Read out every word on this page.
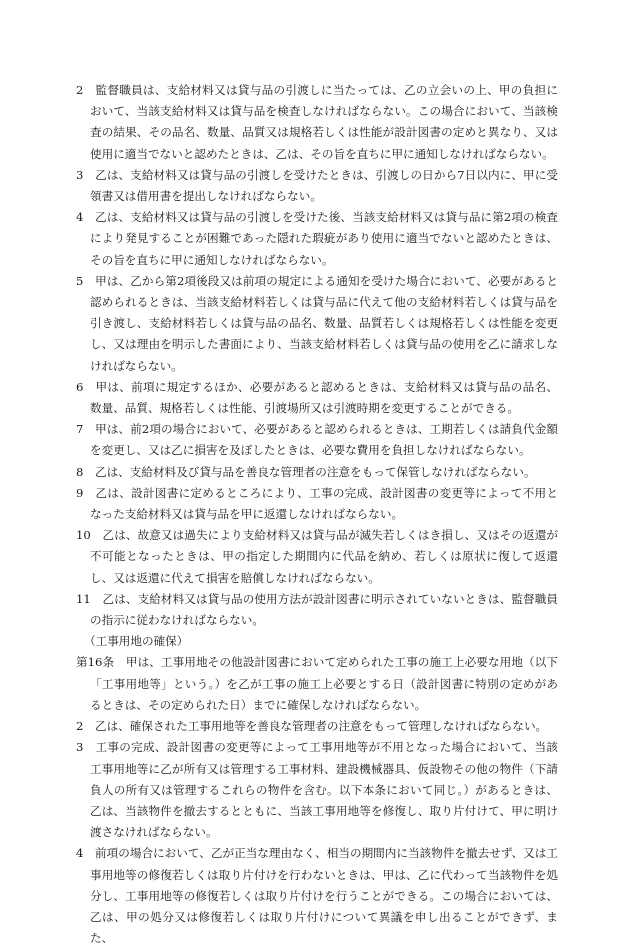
2　監督職員は、支給材料又は貸与品の引渡しに当たっては、乙の立会いの上、甲の負担において、当該支給材料又は貸与品を検査しなければならない。この場合において、当該検査の結果、その品名、数量、品質又は規格若しくは性能が設計図書の定めと異なり、又は使用に適当でないと認めたときは、乙は、その旨を直ちに甲に通知しなければならない。

3　乙は、支給材料又は貸与品の引渡しを受けたときは、引渡しの日から7日以内に、甲に受領書又は借用書を提出しなければならない。

4　乙は、支給材料又は貸与品の引渡しを受けた後、当該支給材料又は貸与品に第2項の検査により発見することが困難であった隠れた瑕疵があり使用に適当でないと認めたときは、その旨を直ちに甲に通知しなければならない。

5　甲は、乙から第2項後段又は前項の規定による通知を受けた場合において、必要があると認められるときは、当該支給材料若しくは貸与品に代えて他の支給材料若しくは貸与品を引き渡し、支給材料若しくは貸与品の品名、数量、品質若しくは規格若しくは性能を変更し、又は理由を明示した書面により、当該支給材料若しくは貸与品の使用を乙に請求しなければならない。

6　甲は、前項に規定するほか、必要があると認めるときは、支給材料又は貸与品の品名、数量、品質、規格若しくは性能、引渡場所又は引渡時期を変更することができる。

7　甲は、前2項の場合において、必要があると認められるときは、工期若しくは請負代金額を変更し、又は乙に損害を及ぼしたときは、必要な費用を負担しなければならない。

8　乙は、支給材料及び貸与品を善良な管理者の注意をもって保管しなければならない。

9　乙は、設計図書に定めるところにより、工事の完成、設計図書の変更等によって不用となった支給材料又は貸与品を甲に返還しなければならない。

10　乙は、故意又は過失により支給材料又は貸与品が滅失若しくはき損し、又はその返還が不可能となったときは、甲の指定した期間内に代品を納め、若しくは原状に復して返還し、又は返還に代えて損害を賠償しなければならない。

11　乙は、支給材料又は貸与品の使用方法が設計図書に明示されていないときは、監督職員の指示に従わなければならない。

（工事用地の確保）

第16条　甲は、工事用地その他設計図書において定められた工事の施工上必要な用地（以下「工事用地等」という。）を乙が工事の施工上必要とする日（設計図書に特別の定めがあるときは、その定められた日）までに確保しなければならない。

2　乙は、確保された工事用地等を善良な管理者の注意をもって管理しなければならない。

3　工事の完成、設計図書の変更等によって工事用地等が不用となった場合において、当該工事用地等に乙が所有又は管理する工事材料、建設機械器具、仮設物その他の物件（下請負人の所有又は管理するこれらの物件を含む。以下本条において同じ。）があるときは、乙は、当該物件を撤去するとともに、当該工事用地等を修復し、取り片付けて、甲に明け渡さなければならない。

4　前項の場合において、乙が正当な理由なく、相当の期間内に当該物件を撤去せず、又は工事用地等の修復若しくは取り片付けを行わないときは、甲は、乙に代わって当該物件を処分し、工事用地等の修復若しくは取り片付けを行うことができる。この場合においては、乙は、甲の処分又は修復若しくは取り片付けについて異議を申し出ることができず、また、
